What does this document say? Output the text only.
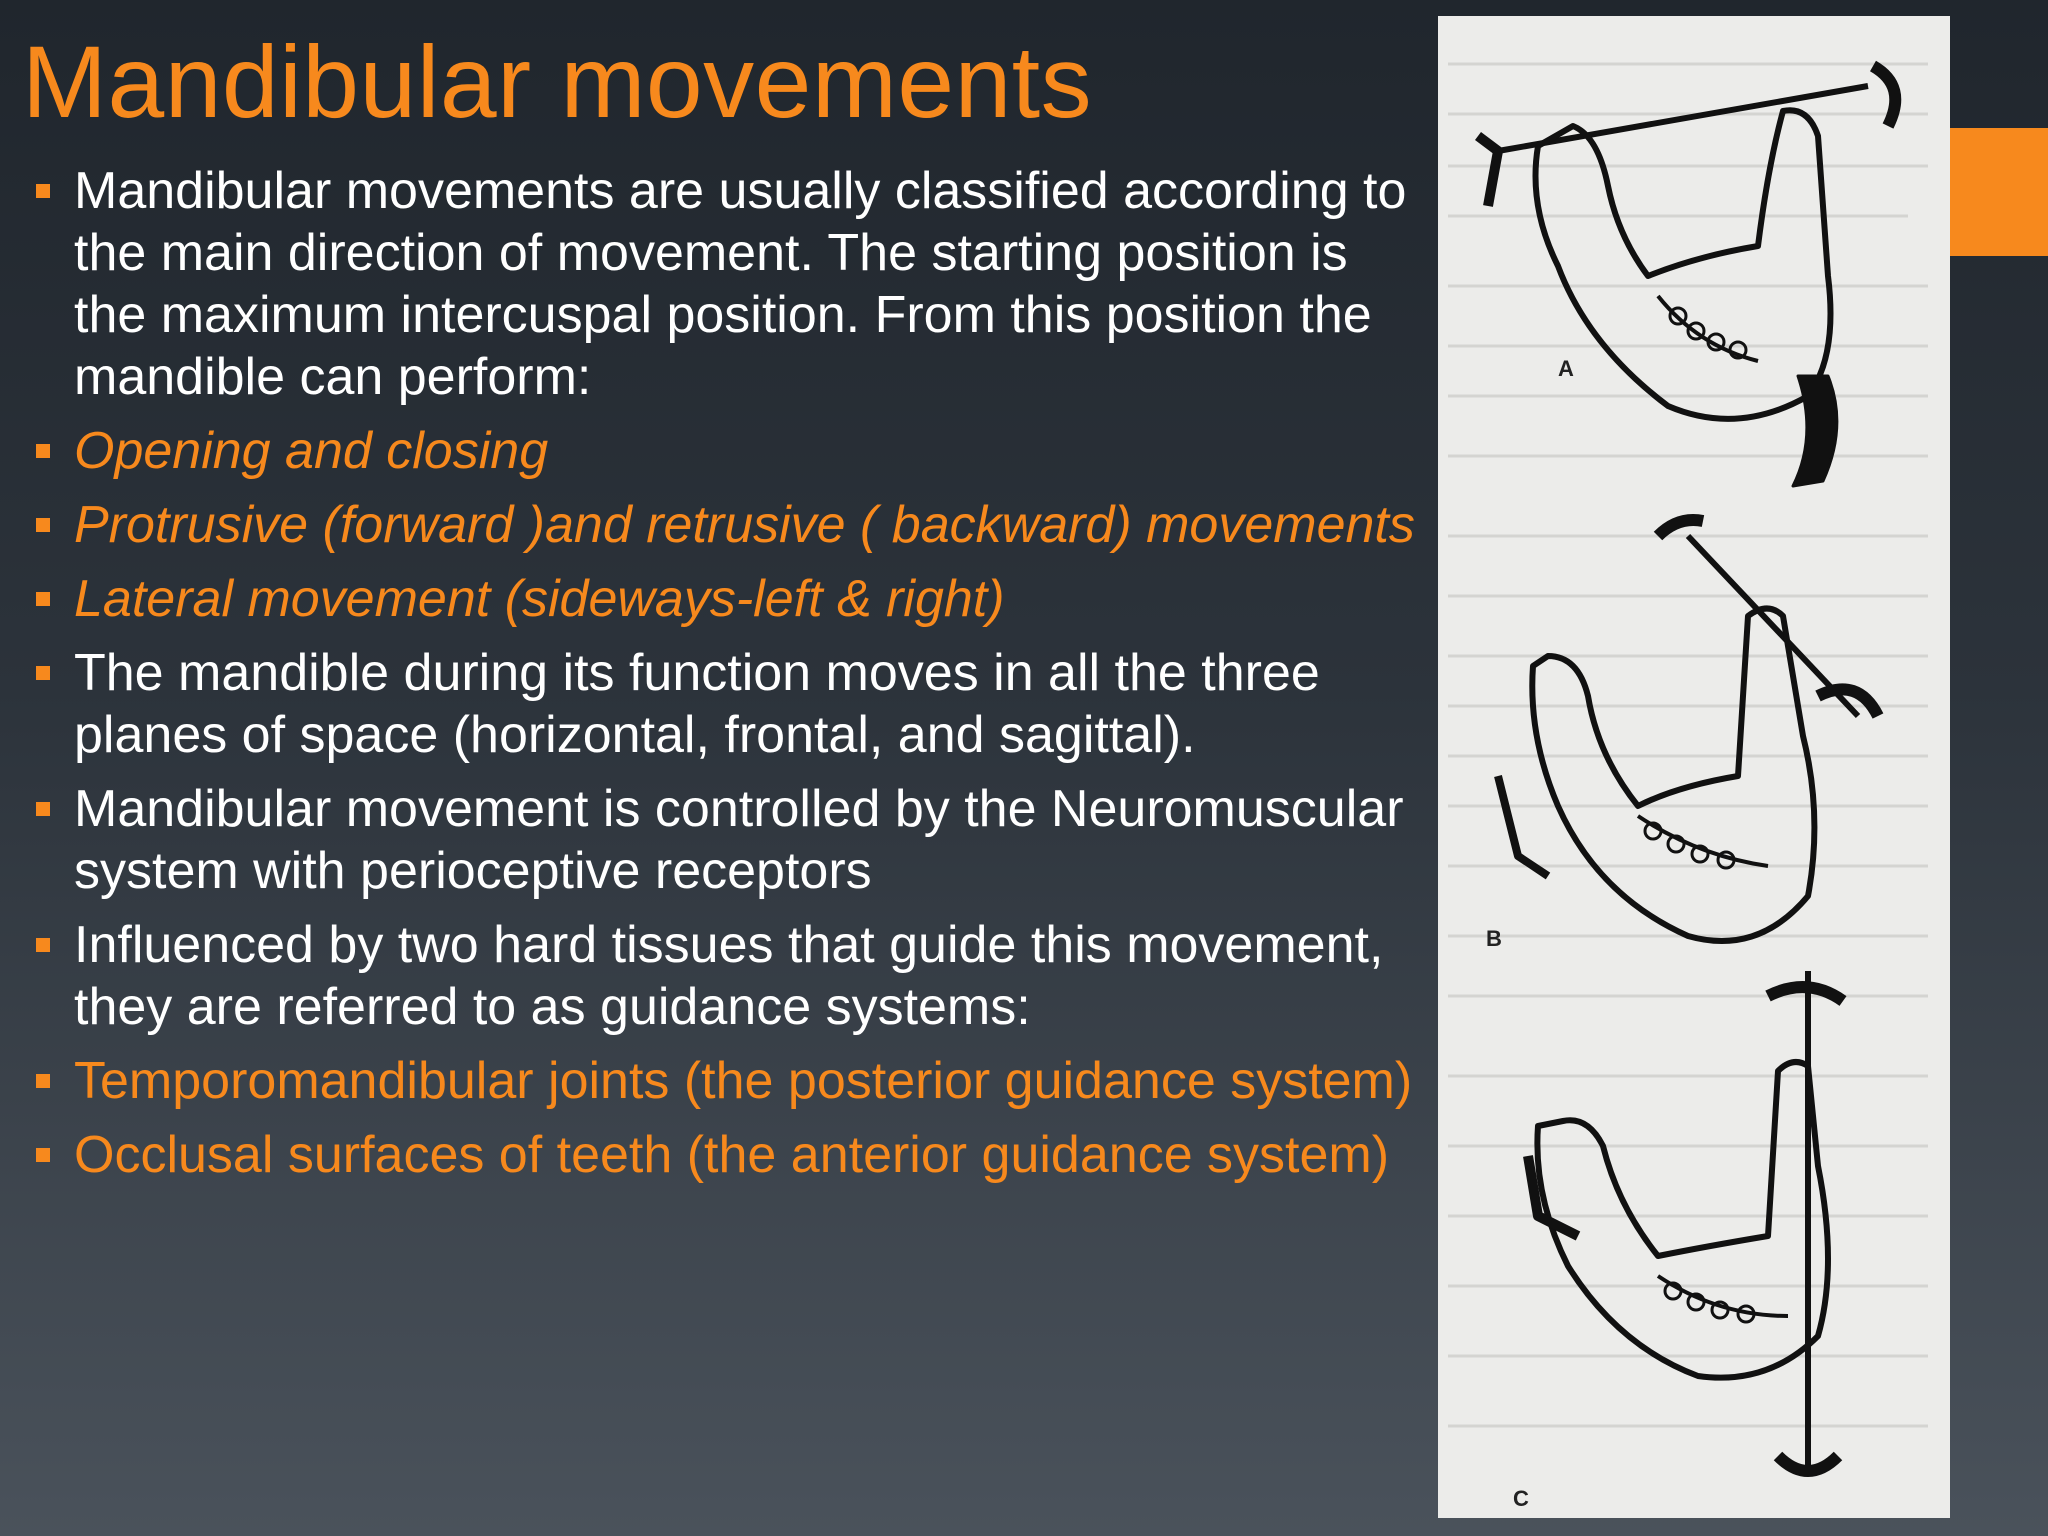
Mandibular movements
Mandibular movements are usually classified according to the main direction of movement. The starting position is the maximum intercuspal position. From this position the mandible can perform:
Opening and closing
Protrusive (forward )and retrusive ( backward) movements
Lateral movement (sideways-left & right)
The mandible during its function moves in all the three planes of space (horizontal, frontal, and sagittal).
Mandibular movement is controlled by the Neuromuscular system with perioceptive receptors
Influenced by two hard tissues that guide this movement, they are referred to as guidance systems:
Temporomandibular joints (the posterior guidance system)
Occlusal surfaces of teeth (the anterior guidance system)
A
B
C
